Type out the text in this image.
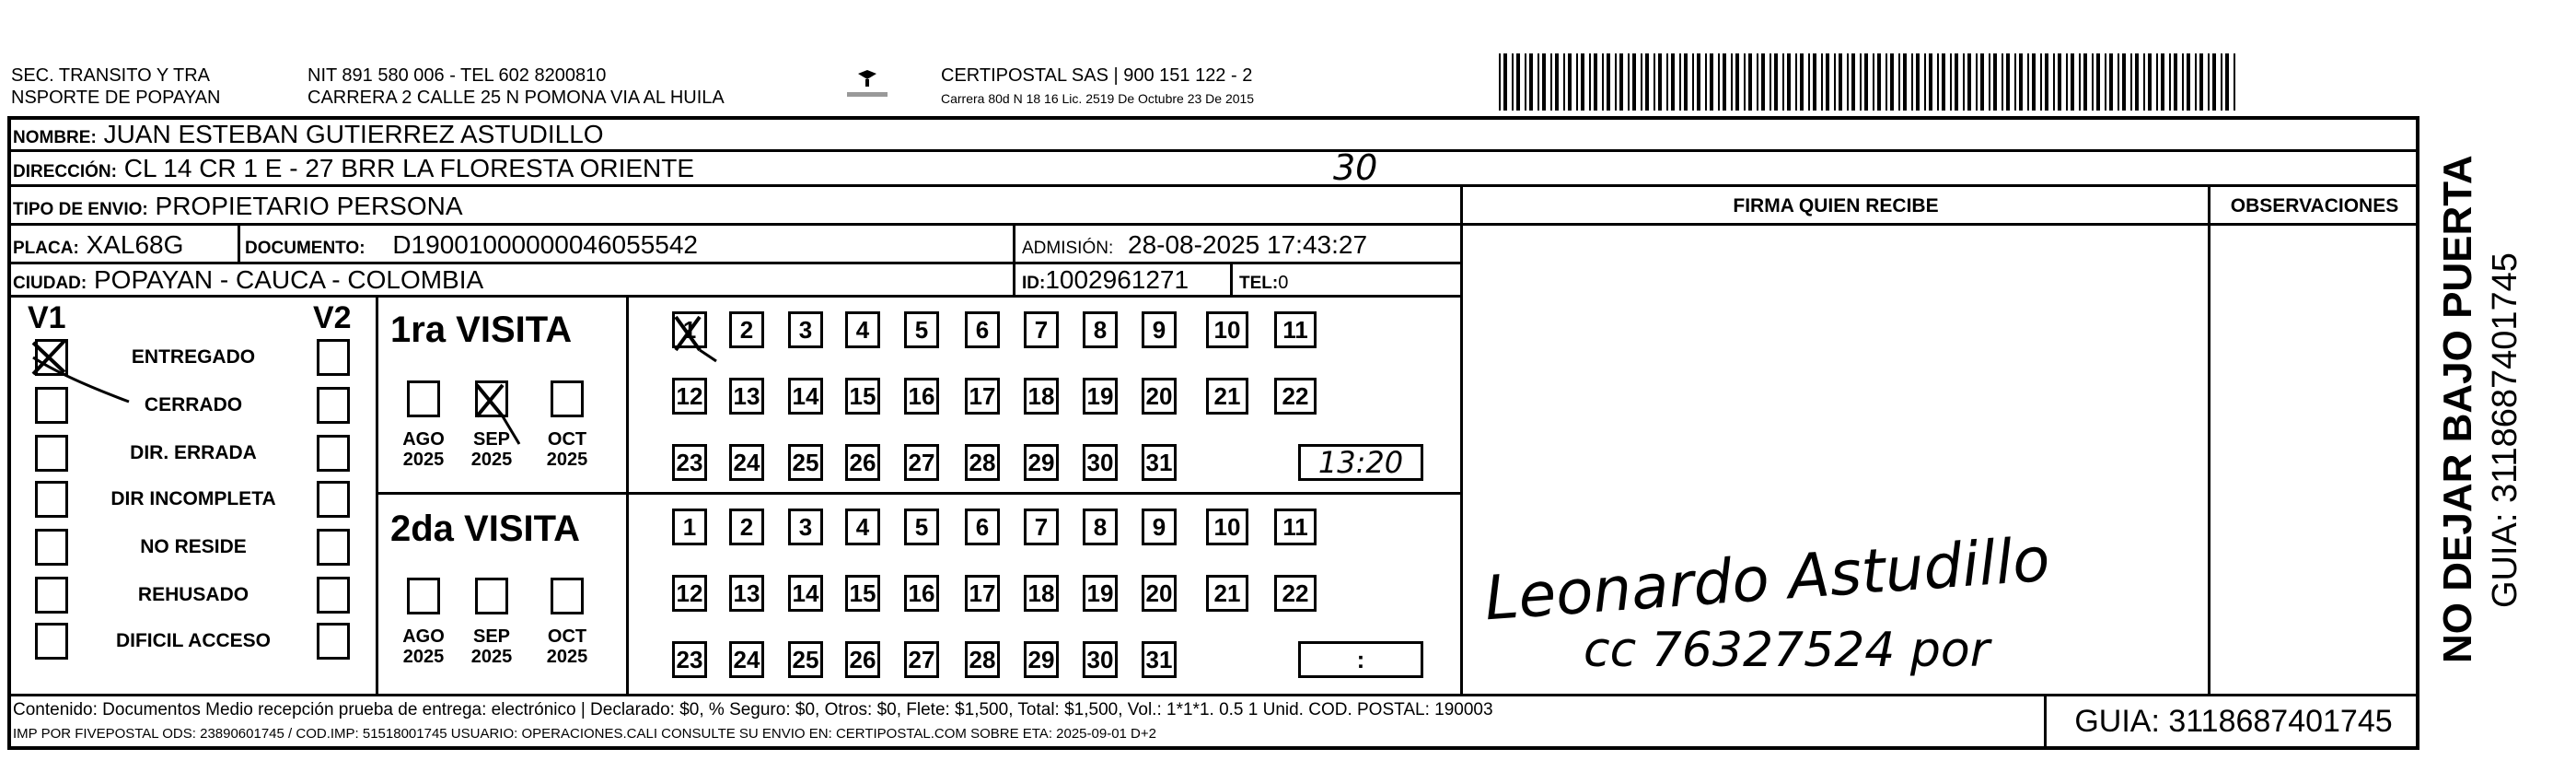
SEC. TRANSITO Y TRA
NSPORTE DE POPAYAN
NIT 891 580 006 - TEL 602 8200810
CARRERA 2 CALLE 25 N POMONA VIA AL HUILA
CERTIPOSTAL SAS | 900 151 122 - 2
Carrera 80d N 18 16 Lic. 2519 De Octubre 23 De 2015
NOMBRE: JUAN ESTEBAN GUTIERREZ ASTUDILLO
DIRECCIÓN: CL 14 CR 1 E - 27 BRR LA FLORESTA ORIENTE	30
TIPO DE ENVIO: PROPIETARIO PERSONA
PLACA: XAL68G	DOCUMENTO: D19001000000046055542	ADMISIÓN: 28-08-2025 17:43:27
CIUDAD: POPAYAN - CAUCA - COLOMBIA	ID:1002961271	TEL:0
FIRMA QUIEN RECIBE	OBSERVACIONES
V1	V2
ENTREGADO
CERRADO
DIR. ERRADA
DIR INCOMPLETA
NO RESIDE
REHUSADO
DIFICIL ACCESO
1ra VISITA
2da VISITA
AGO
2025
SEP
2025
OCT
2025
1	2	3	4	5	6	7	8	9	10	11
12 13 14 15 16 17 18 19 20	21	22
23 24 25 26 27 28 29 30 31	13:20
AGO
2025
SEP
2025
OCT
2025
1	2	3	4	5	6	7	8	9	10	11
12 13 14 15 16 17 18 19 20	21	22
23 24 25 26 27 28 29 30 31	:
Leonardo Astudillo
cc 76327524 por
Contenido: Documentos Medio recepción prueba de entrega: electrónico | Declarado: $0, % Seguro: $0, Otros: $0, Flete: $1,500, Total: $1,500, Vol.: 1*1*1. 0.5 1 Unid. COD. POSTAL: 190003
IMP POR FIVEPOSTAL ODS: 23890601745 / COD.IMP: 51518001745 USUARIO: OPERACIONES.CALI CONSULTE SU ENVIO EN: CERTIPOSTAL.COM SOBRE ETA: 2025-09-01 D+2	GUIA: 3118687401745
NO DEJAR BAJO PUERTA GUIA: 3118687401745
